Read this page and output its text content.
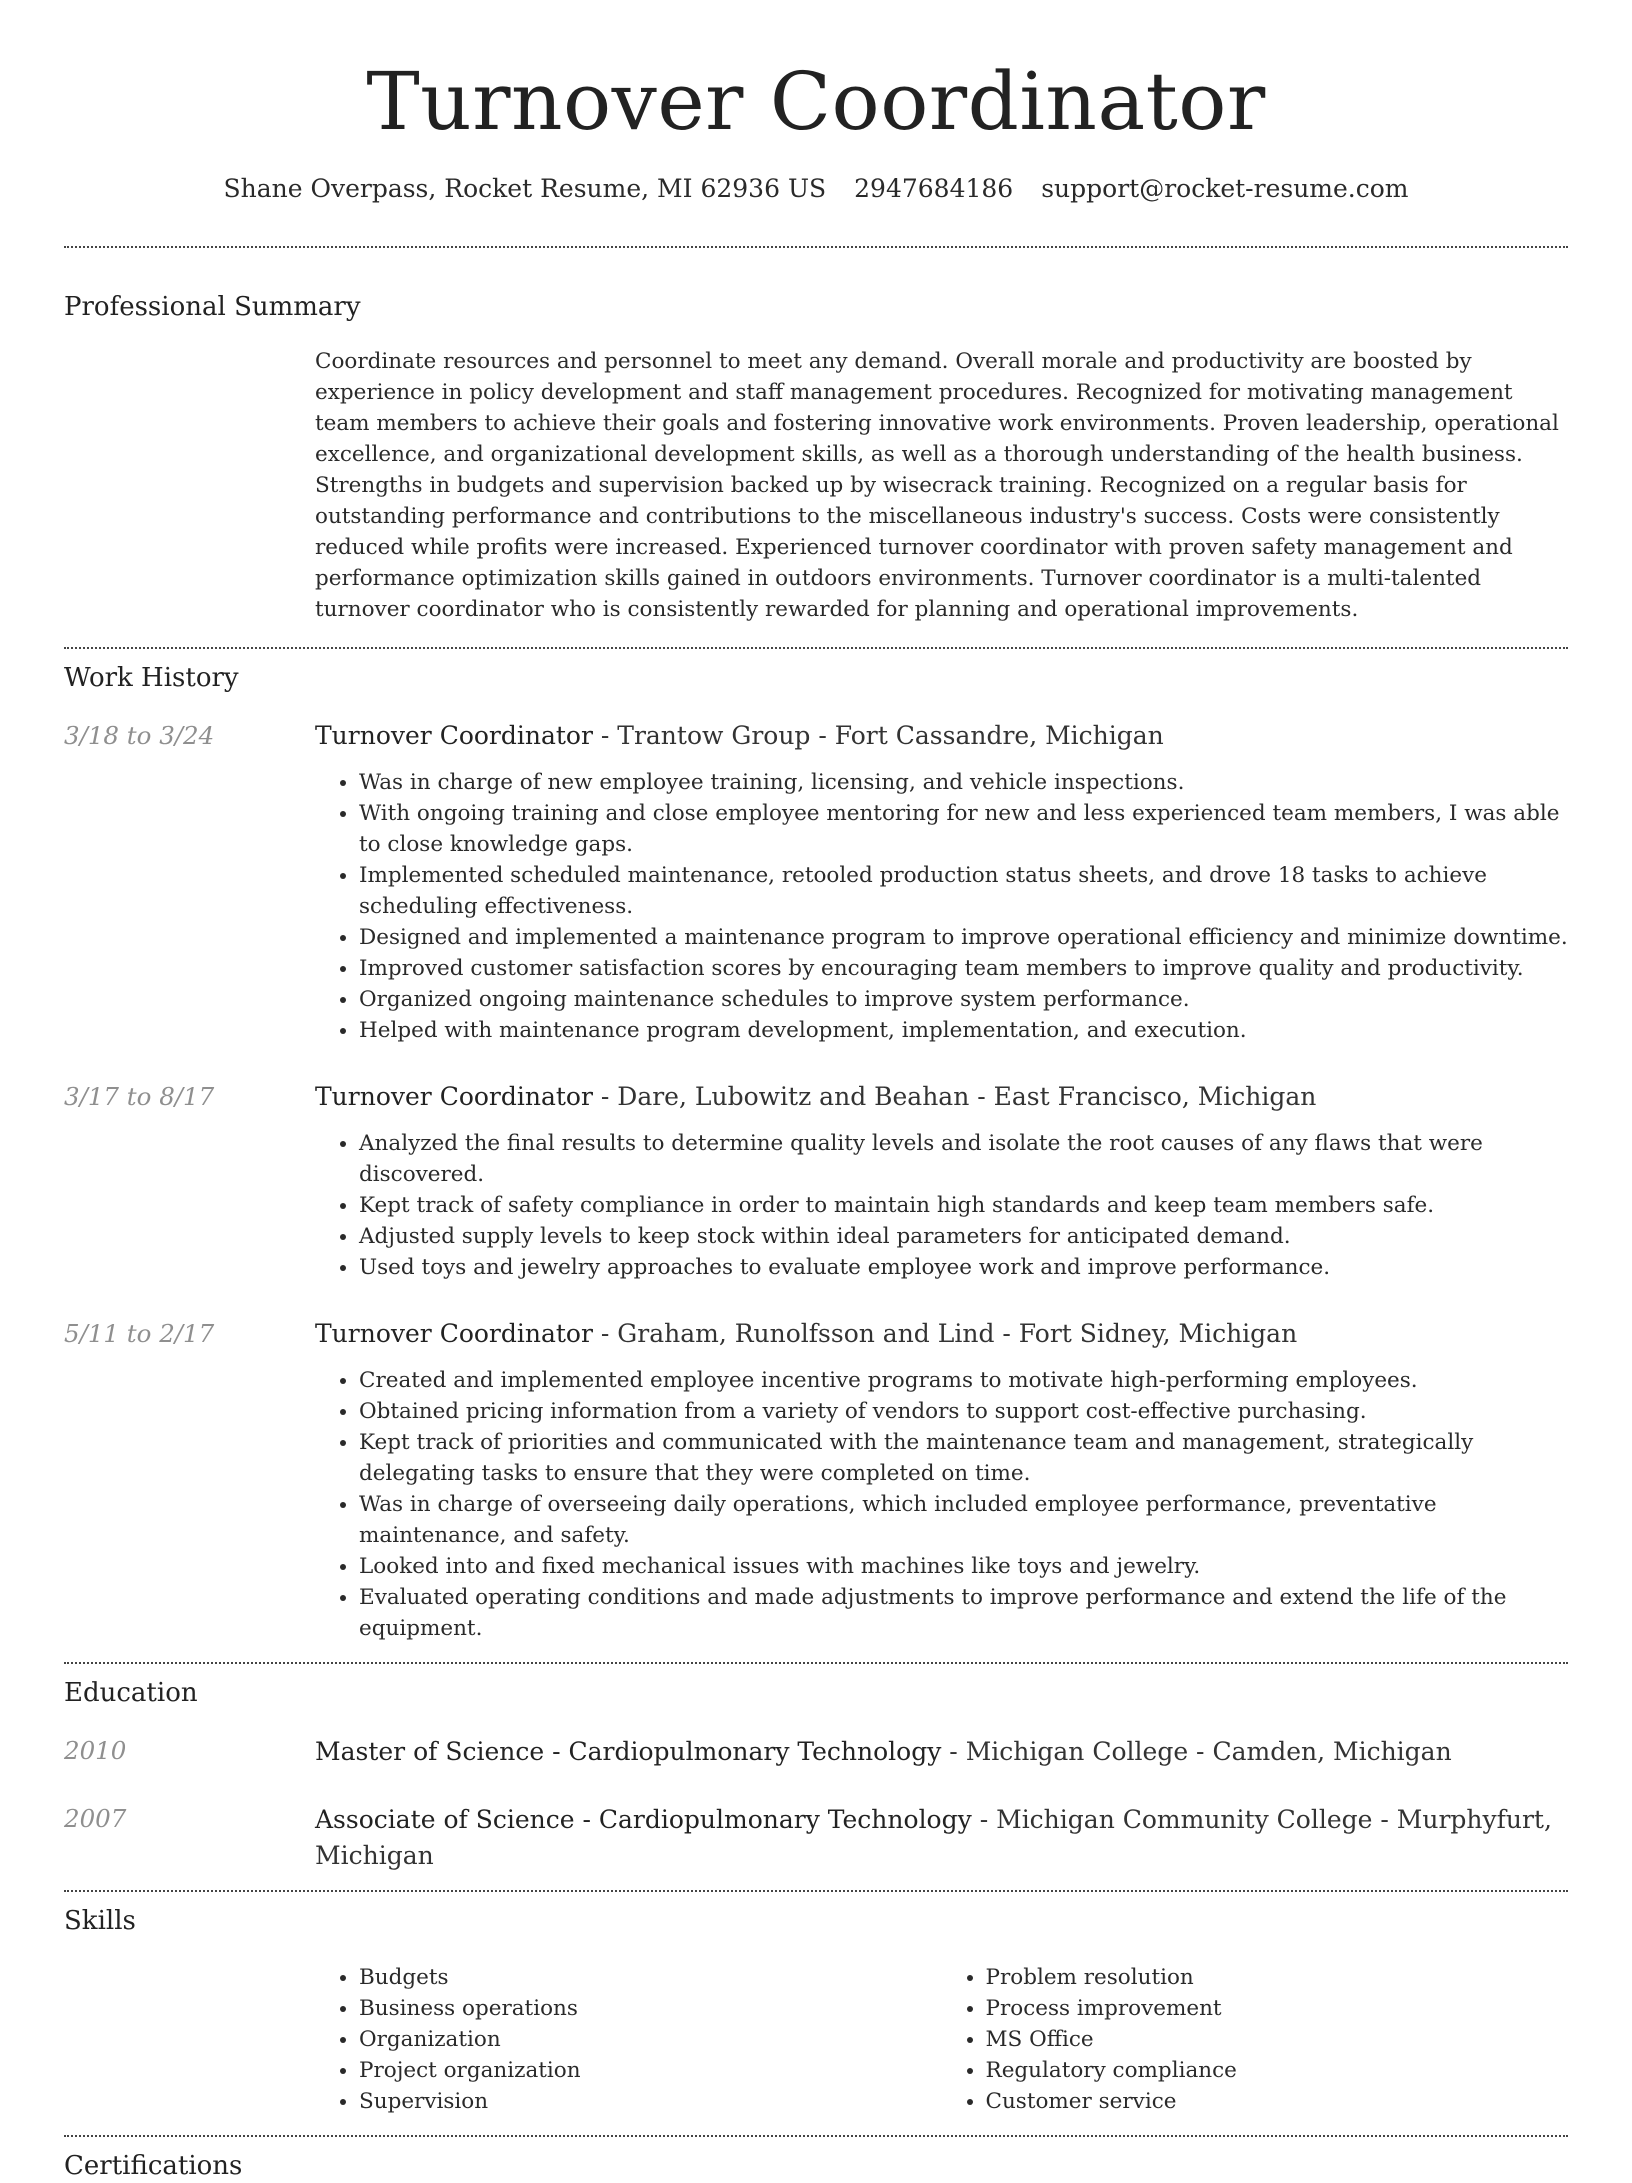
Turnover Coordinator
Shane Overpass, Rocket Resume, MI 62936 US 2947684186 support@rocket-resume.com
Professional Summary

Coordinate resources and personnel to meet any demand. Overall morale and productivity are boosted by experience in policy development and staff management procedures. Recognized for motivating management team members to achieve their goals and fostering innovative work environments. Proven leadership, operational excellence, and organizational development skills, as well as a thorough understanding of the health business. Strengths in budgets and supervision backed up by wisecrack training. Recognized on a regular basis for outstanding performance and contributions to the miscellaneous industry's success. Costs were consistently reduced while profits were increased. Experienced turnover coordinator with proven safety management and performance optimization skills gained in outdoors environments. Turnover coordinator is a multi-talented turnover coordinator who is consistently rewarded for planning and operational improvements.

Work History
3/18 to 3/24	Turnover Coordinator - Trantow Group - Fort Cassandre, Michigan
• Was in charge of new employee training, licensing, and vehicle inspections.
• With ongoing training and close employee mentoring for new and less experienced team members, I was able to close knowledge gaps.
• Implemented scheduled maintenance, retooled production status sheets, and drove 18 tasks to achieve scheduling effectiveness.
• Designed and implemented a maintenance program to improve operational efficiency and minimize downtime.
• Improved customer satisfaction scores by encouraging team members to improve quality and productivity.
• Organized ongoing maintenance schedules to improve system performance.
• Helped with maintenance program development, implementation, and execution.
3/17 to 8/17	Turnover Coordinator - Dare, Lubowitz and Beahan - East Francisco, Michigan
• Analyzed the final results to determine quality levels and isolate the root causes of any flaws that were discovered.
• Kept track of safety compliance in order to maintain high standards and keep team members safe.
• Adjusted supply levels to keep stock within ideal parameters for anticipated demand.
• Used toys and jewelry approaches to evaluate employee work and improve performance.
5/11 to 2/17	Turnover Coordinator - Graham, Runolfsson and Lind - Fort Sidney, Michigan
• Created and implemented employee incentive programs to motivate high-performing employees.
• Obtained pricing information from a variety of vendors to support cost-effective purchasing.
• Kept track of priorities and communicated with the maintenance team and management, strategically delegating tasks to ensure that they were completed on time.
• Was in charge of overseeing daily operations, which included employee performance, preventative maintenance, and safety.
• Looked into and fixed mechanical issues with machines like toys and jewelry.
• Evaluated operating conditions and made adjustments to improve performance and extend the life of the equipment.
Education
2010	Master of Science - Cardiopulmonary Technology - Michigan College - Camden, Michigan
2007	Associate of Science - Cardiopulmonary Technology - Michigan Community College - Murphyfurt, Michigan
Skills
• Budgets
• Business operations
• Organization
• Project organization
• Supervision
• Problem resolution
• Process improvement
• MS Office
• Regulatory compliance
• Customer service
Certifications
